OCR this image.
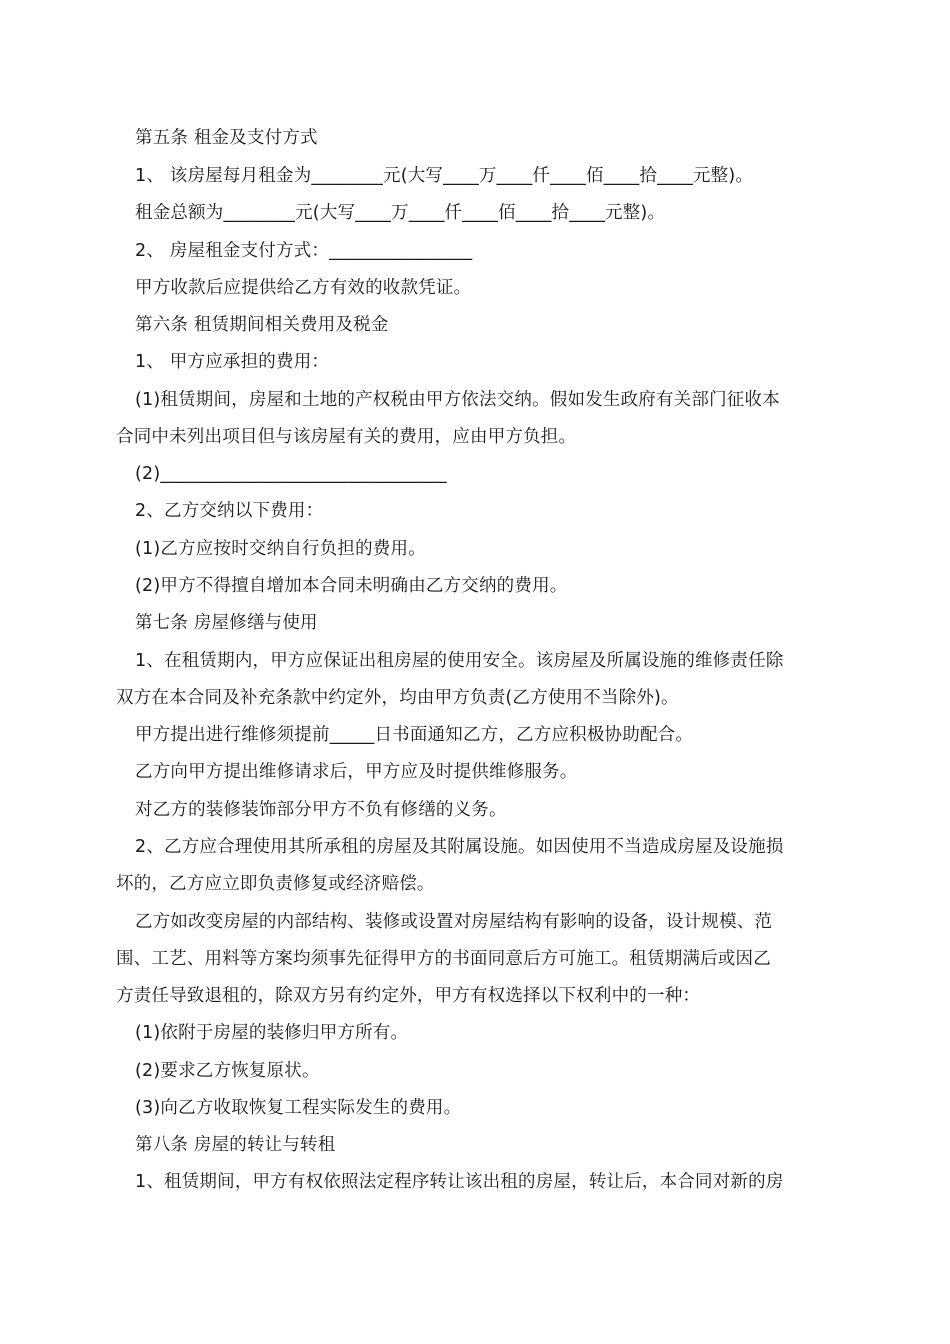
第五条 租金及支付方式
1、 该房屋每月租金为________元(大写____万____仟____佰____拾____元整)。
租金总额为________元(大写____万____仟____佰____拾____元整)。
2、 房屋租金支付方式：________________
甲方收款后应提供给乙方有效的收款凭证。
第六条 租赁期间相关费用及税金
1、 甲方应承担的费用：
(1)租赁期间，房屋和土地的产权税由甲方依法交纳。假如发生政府有关部门征收本
合同中未列出项目但与该房屋有关的费用，应由甲方负担。
(2)________________________________
2、乙方交纳以下费用：
(1)乙方应按时交纳自行负担的费用。
(2)甲方不得擅自增加本合同未明确由乙方交纳的费用。
第七条 房屋修缮与使用
1、在租赁期内，甲方应保证出租房屋的使用安全。该房屋及所属设施的维修责任除
双方在本合同及补充条款中约定外，均由甲方负责(乙方使用不当除外)。
甲方提出进行维修须提前_____日书面通知乙方，乙方应积极协助配合。
乙方向甲方提出维修请求后，甲方应及时提供维修服务。
对乙方的装修装饰部分甲方不负有修缮的义务。
2、乙方应合理使用其所承租的房屋及其附属设施。如因使用不当造成房屋及设施损
坏的，乙方应立即负责修复或经济赔偿。
乙方如改变房屋的内部结构、装修或设置对房屋结构有影响的设备，设计规模、范
围、工艺、用料等方案均须事先征得甲方的书面同意后方可施工。租赁期满后或因乙
方责任导致退租的，除双方另有约定外，甲方有权选择以下权利中的一种：
(1)依附于房屋的装修归甲方所有。
(2)要求乙方恢复原状。
(3)向乙方收取恢复工程实际发生的费用。
第八条 房屋的转让与转租
1、租赁期间，甲方有权依照法定程序转让该出租的房屋，转让后，本合同对新的房
